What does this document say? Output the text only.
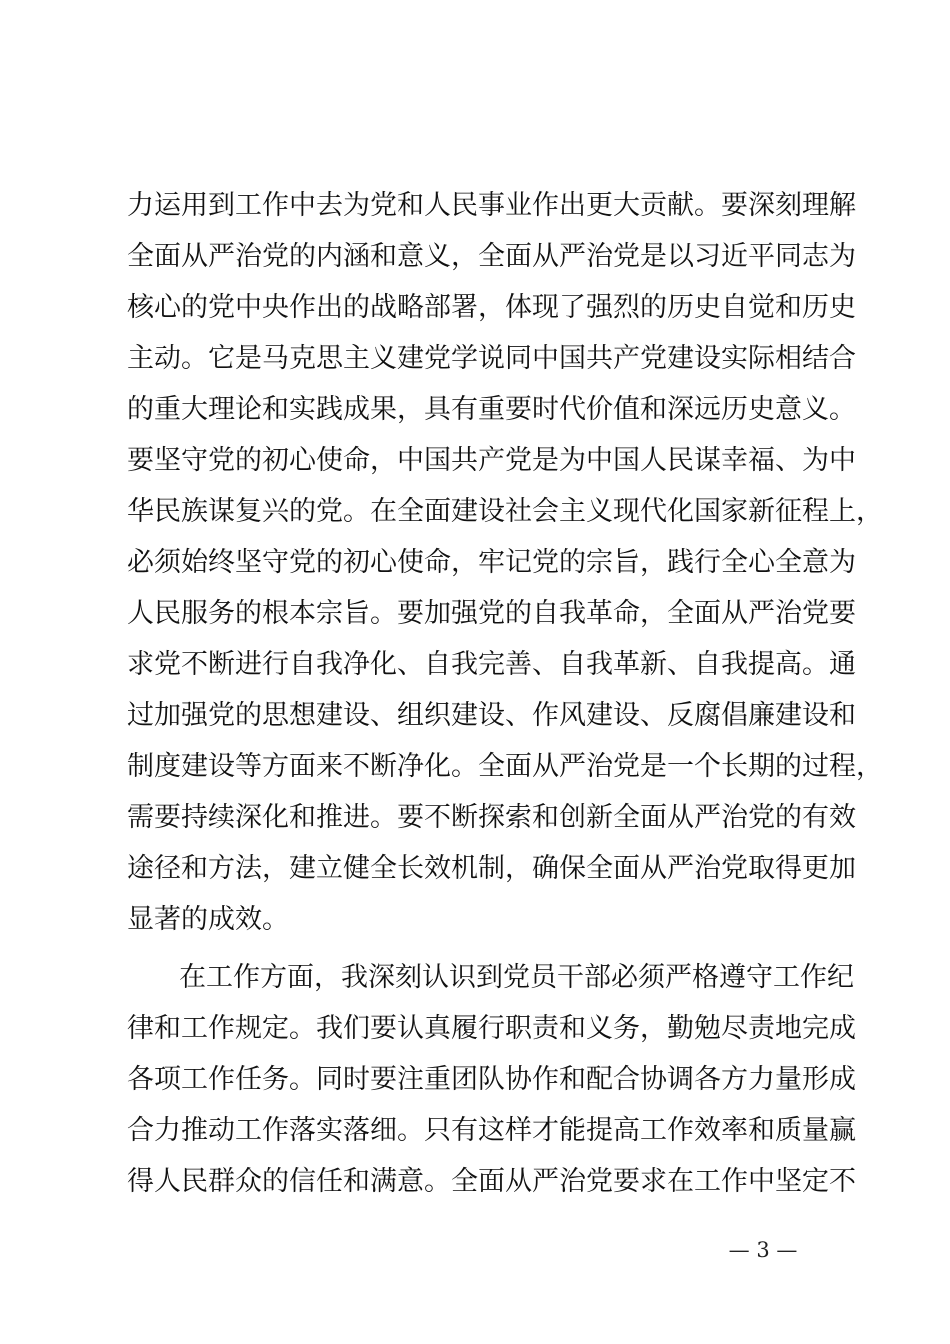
力运用到工作中去为党和人民事业作出更大贡献。要深刻理解
全面从严治党的内涵和意义，全面从严治党是以习近平同志为
核心的党中央作出的战略部署，体现了强烈的历史自觉和历史
主动。它是马克思主义建党学说同中国共产党建设实际相结合
的重大理论和实践成果，具有重要时代价值和深远历史意义。
要坚守党的初心使命，中国共产党是为中国人民谋幸福、为中
华民族谋复兴的党。在全面建设社会主义现代化国家新征程上，
必须始终坚守党的初心使命，牢记党的宗旨，践行全心全意为
人民服务的根本宗旨。要加强党的自我革命，全面从严治党要
求党不断进行自我净化、自我完善、自我革新、自我提高。通
过加强党的思想建设、组织建设、作风建设、反腐倡廉建设和
制度建设等方面来不断净化。全面从严治党是一个长期的过程，
需要持续深化和推进。要不断探索和创新全面从严治党的有效
途径和方法，建立健全长效机制，确保全面从严治党取得更加
显著的成效。
在工作方面，我深刻认识到党员干部必须严格遵守工作纪
律和工作规定。我们要认真履行职责和义务，勤勉尽责地完成
各项工作任务。同时要注重团队协作和配合协调各方力量形成
合力推动工作落实落细。只有这样才能提高工作效率和质量赢
得人民群众的信任和满意。全面从严治党要求在工作中坚定不
— 3 —
